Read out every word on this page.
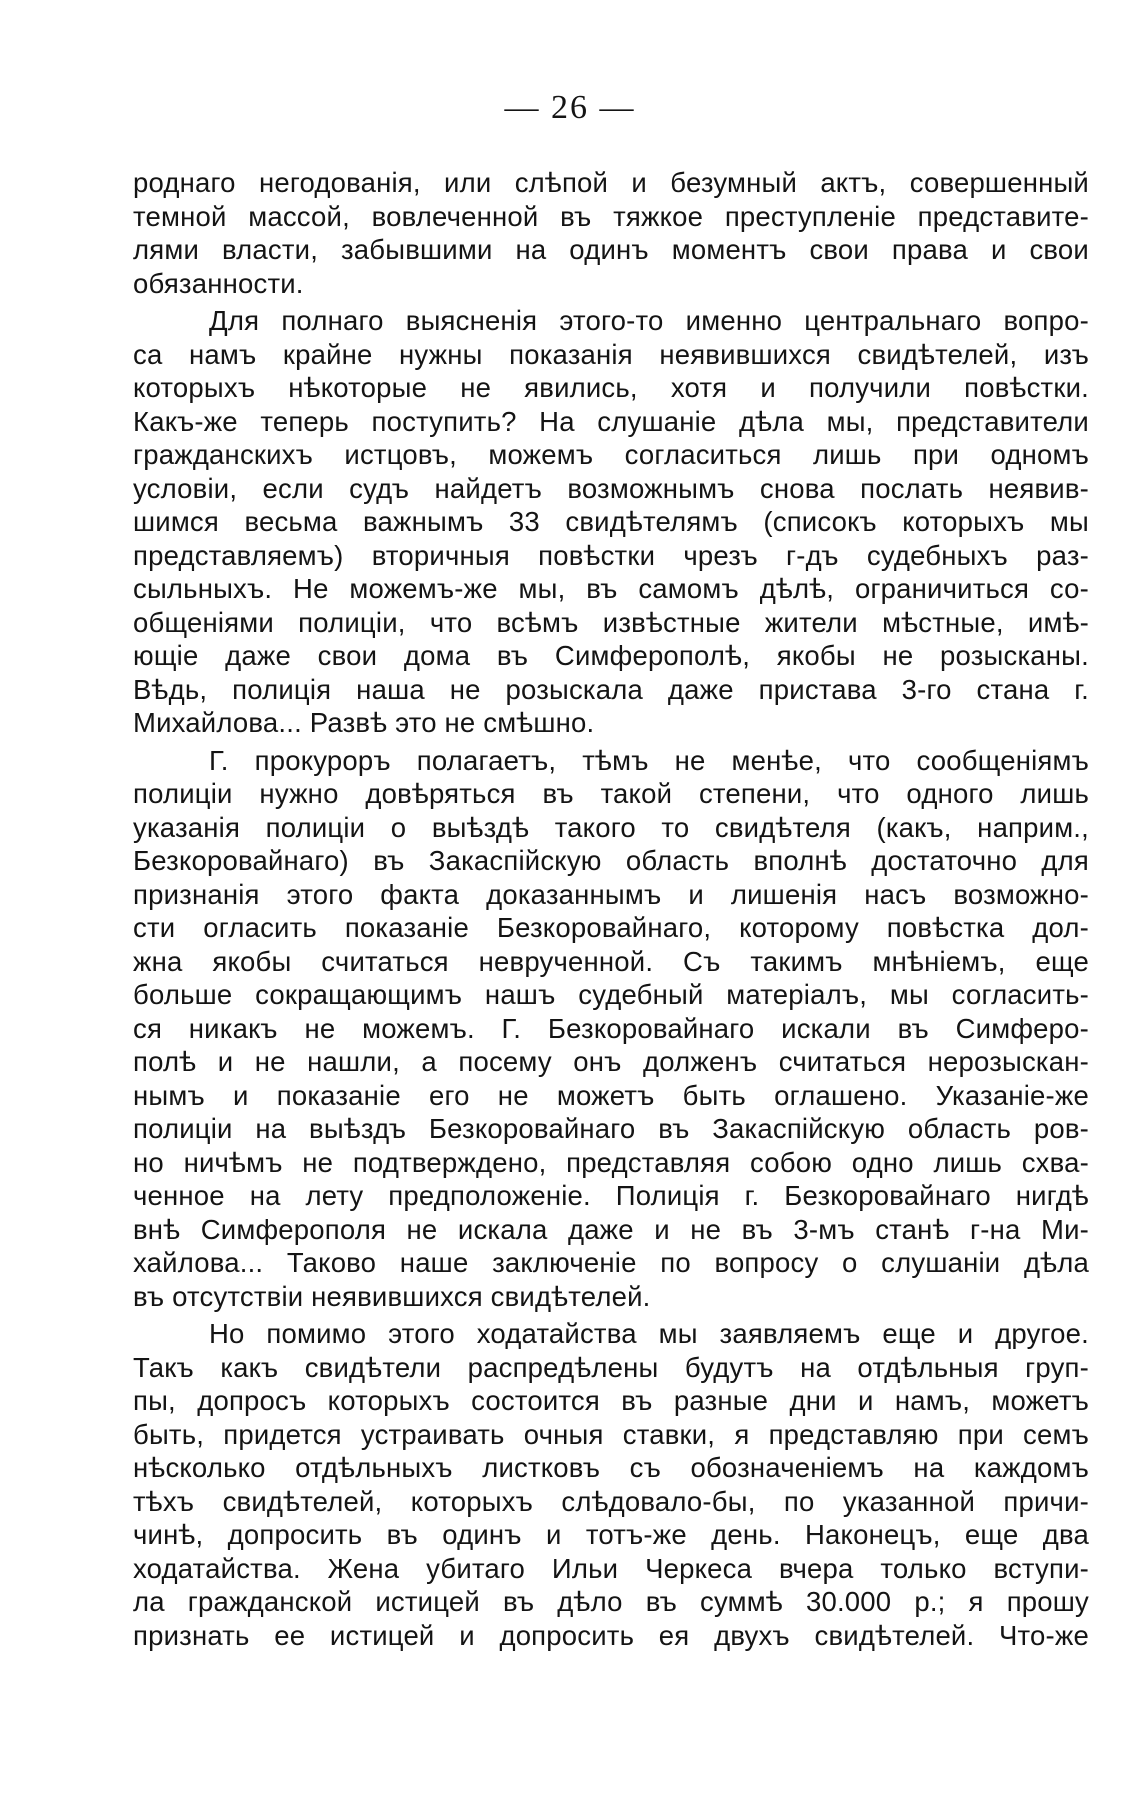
— 26 —
роднаго негодованія, или слѣпой и безумный актъ, совершенный
темной массой, вовлеченной въ тяжкое преступленіе представите-
лями власти, забывшими на одинъ моментъ свои права и свои
обязанности.
Для полнаго выясненія этого-то именно центральнаго вопро-
са намъ крайне нужны показанія неявившихся свидѣтелей, изъ
которыхъ нѣкоторые не явились, хотя и получили повѣстки.
Какъ-же теперь поступить? На слушаніе дѣла мы, представители
гражданскихъ истцовъ, можемъ согласиться лишь при одномъ
условіи, если судъ найдетъ возможнымъ снова послать неявив-
шимся весьма важнымъ 33 свидѣтелямъ (списокъ которыхъ мы
представляемъ) вторичныя повѣстки чрезъ г-дъ судебныхъ раз-
сыльныхъ. Не можемъ-же мы, въ самомъ дѣлѣ, ограничиться со-
общеніями полиціи, что всѣмъ извѣстные жители мѣстные, имѣ-
ющіе даже свои дома въ Симферополѣ, якобы не розысканы.
Вѣдь, полиція наша не розыскала даже пристава 3-го стана г.
Михайлова... Развѣ это не смѣшно.
Г. прокуроръ полагаетъ, тѣмъ не менѣе, что сообщеніямъ
полиціи нужно довѣряться въ такой степени, что одного лишь
указанія полиціи о выѣздѣ такого то свидѣтеля (какъ, наприм.,
Безкоровайнаго) въ Закаспійскую область вполнѣ достаточно для
признанія этого факта доказаннымъ и лишенія насъ возможно-
сти огласить показаніе Безкоровайнаго, которому повѣстка дол-
жна якобы считаться неврученной. Съ такимъ мнѣніемъ, еще
больше сокращающимъ нашъ судебный матеріалъ, мы согласить-
ся никакъ не можемъ. Г. Безкоровайнаго искали въ Симферо-
полѣ и не нашли, а посему онъ долженъ считаться нерозыскан-
нымъ и показаніе его не можетъ быть оглашено. Указаніе-же
полиціи на выѣздъ Безкоровайнаго въ Закаспійскую область ров-
но ничѣмъ не подтверждено, представляя собою одно лишь схва-
ченное на лету предположеніе. Полиція г. Безкоровайнаго нигдѣ
внѣ Симферополя не искала даже и не въ 3-мъ станѣ г-на Ми-
хайлова... Таково наше заключеніе по вопросу о слушаніи дѣла
въ отсутствіи неявившихся свидѣтелей.
Но помимо этого ходатайства мы заявляемъ еще и другое.
Такъ какъ свидѣтели распредѣлены будутъ на отдѣльныя груп-
пы, допросъ которыхъ состоится въ разные дни и намъ, можетъ
быть, придется устраивать очныя ставки, я представляю при семъ
нѣсколько отдѣльныхъ листковъ съ обозначеніемъ на каждомъ
тѣхъ свидѣтелей, которыхъ слѣдовало-бы, по указанной причи-
чинѣ, допросить въ одинъ и тотъ-же день. Наконецъ, еще два
ходатайства. Жена убитаго Ильи Черкеса вчера только вступи-
ла гражданской истицей въ дѣло въ суммѣ 30.000 р.; я прошу
признать ее истицей и допросить ея двухъ свидѣтелей. Что-же
